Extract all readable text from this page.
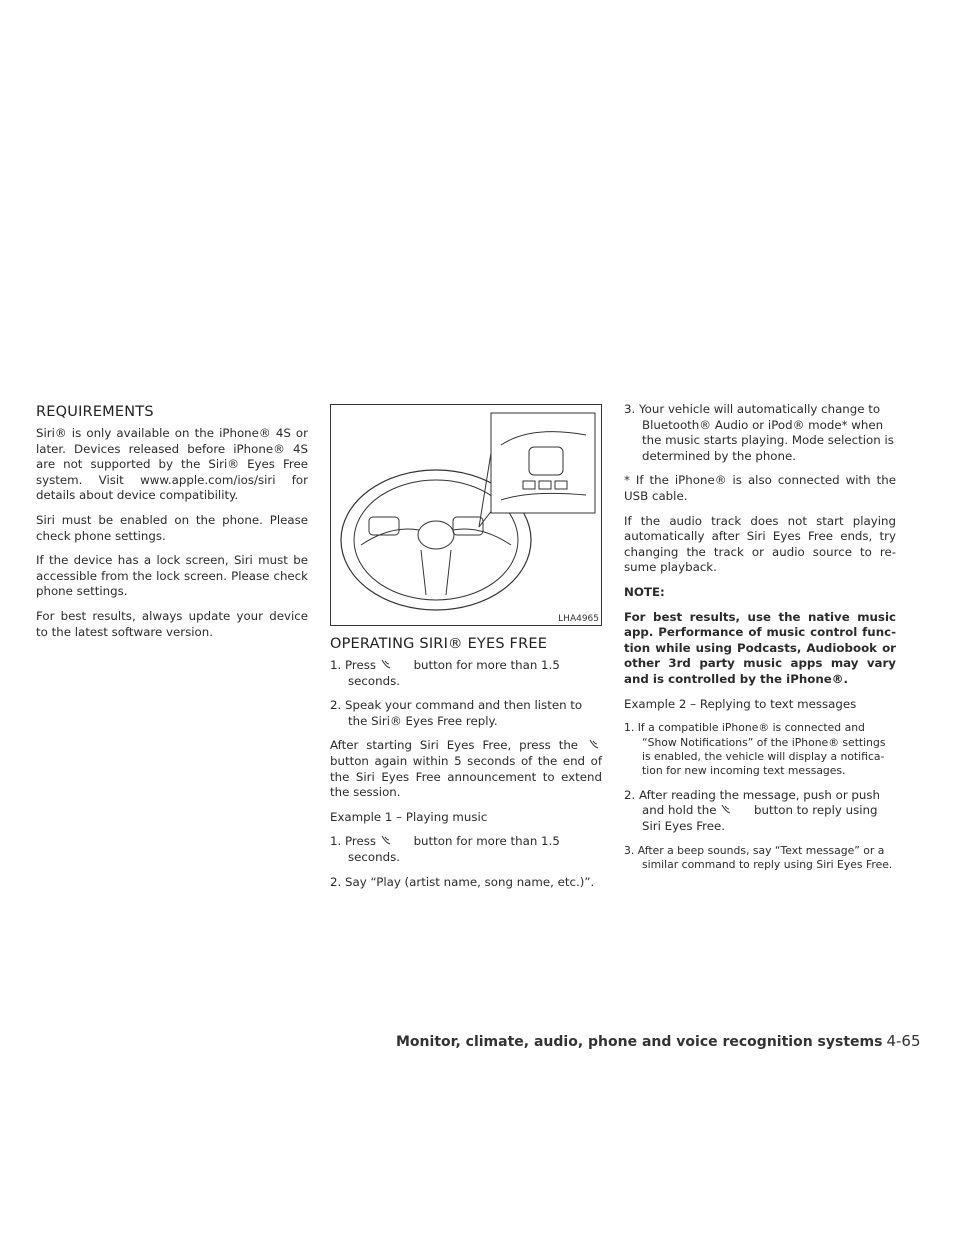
REQUIREMENTS

Siri® is only available on the iPhone® 4S or later. Devices released before iPhone® 4S are not supported by the Siri® Eyes Free system. Visit www.apple.com/ios/siri for details about device compatibility.

Siri must be enabled on the phone. Please check phone settings.

If the device has a lock screen, Siri must be accessible from the lock screen. Please check phone settings.

For best results, always update your device to the latest software version.

LHA4965
OPERATING SIRI® EYES FREE

1. Press	button for more than 1.5 seconds.

2. Speak your command and then listen to the Siri® Eyes Free reply.

After starting Siri Eyes Free, press the  button again within 5 seconds of the end of the Siri Eyes Free announcement to extend the session.

Example 1 – Playing music

1. Press	button for more than 1.5 seconds.

2. Say “Play (artist name, song name, etc.)”.

3. Your vehicle will automatically change to Bluetooth® Audio or iPod® mode* when the music starts playing. Mode selection is determined by the phone.

* If the iPhone® is also connected with the USB cable.

If the audio track does not start playing automatically after Siri Eyes Free ends, try changing the track or audio source to re-sume playback.

NOTE:

For best results, use the native music app. Performance of music control func-tion while using Podcasts, Audiobook or other 3rd party music apps may vary and is controlled by the iPhone®.

Example 2 – Replying to text messages

1. If a compatible iPhone® is connected and “Show Notifications” of the iPhone® settings is enabled, the vehicle will display a notifica-tion for new incoming text messages.

2. After reading the message, push or push and hold the	button to reply using Siri Eyes Free.

3. After a beep sounds, say “Text message” or a similar command to reply using Siri Eyes Free.

Monitor, climate, audio, phone and voice recognition systems 4-65
